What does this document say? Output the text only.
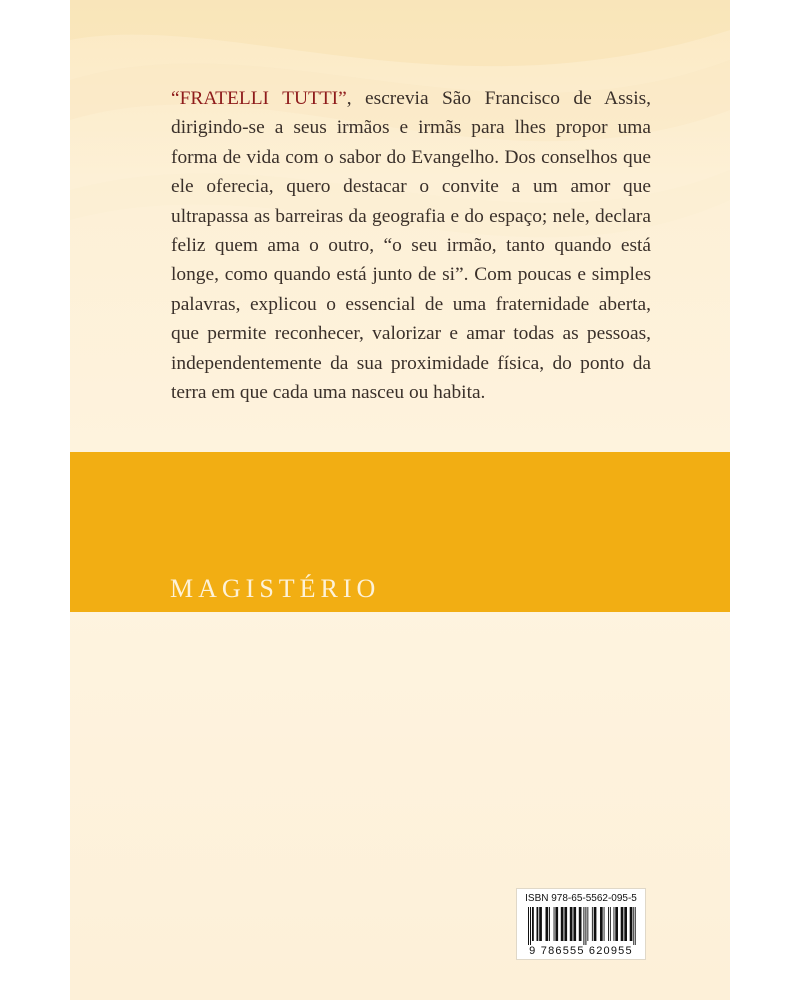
“FRATELLI TUTTI”, escrevia São Francisco de Assis, dirigindo-se a seus irmãos e irmãs para lhes propor uma forma de vida com o sabor do Evangelho. Dos conselhos que ele oferecia, quero destacar o convite a um amor que ultrapassa as barreiras da geografia e do espaço; nele, declara feliz quem ama o outro, “o seu irmão, tanto quando está longe, como quando está junto de si”. Com poucas e simples palavras, explicou o essencial de uma fraternidade aberta, que permite reconhecer, valorizar e amar todas as pessoas, independentemente da sua proximidade física, do ponto da terra em que cada uma nasceu ou habita.
MAGISTÉRIO
ISBN 978-65-5562-095-5
9 786555 620955
